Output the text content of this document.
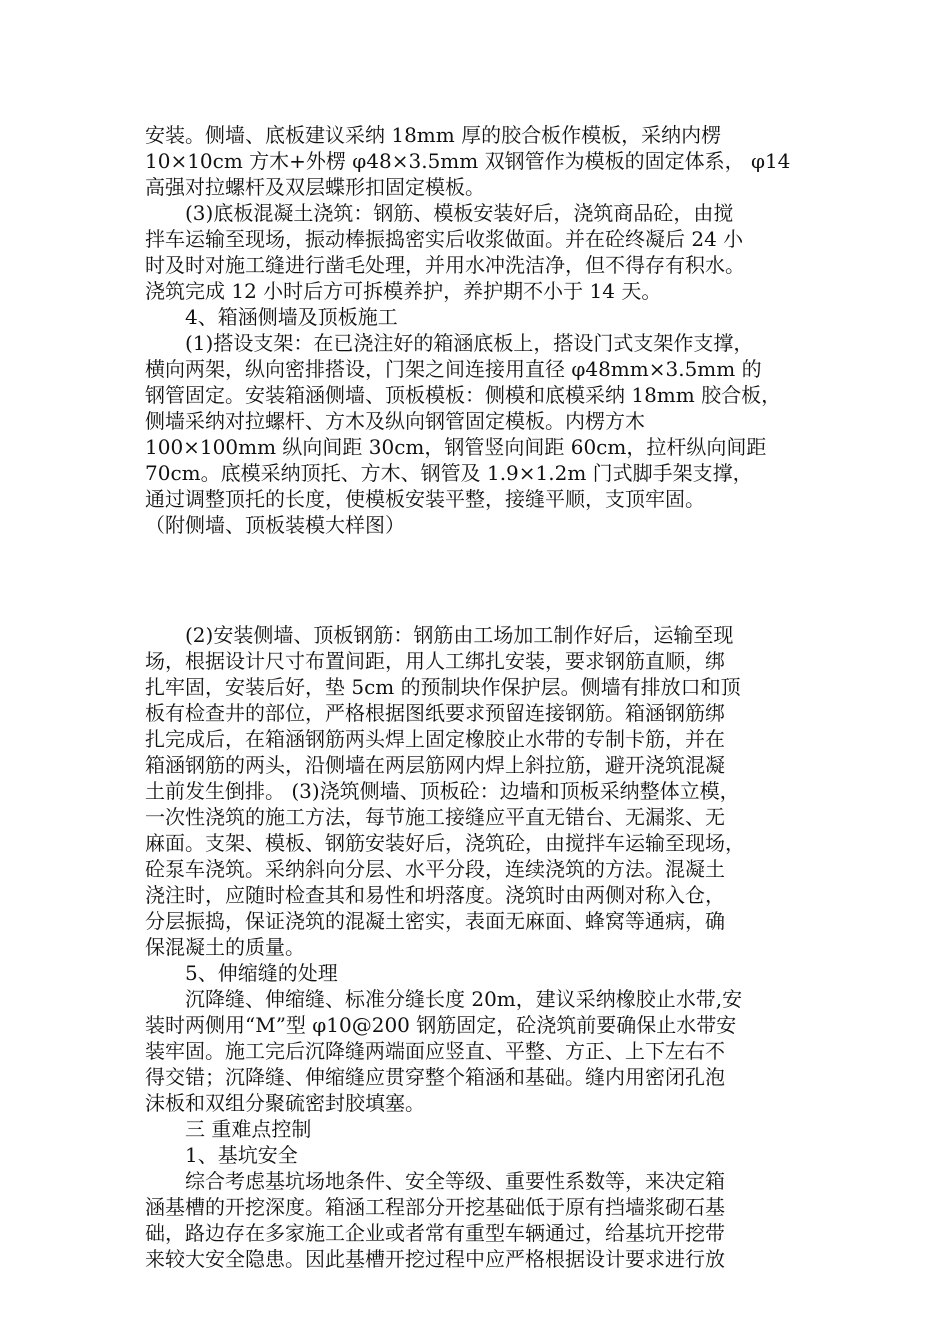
安装。侧墙、底板建议采纳 18mm 厚的胶合板作模板，采纳内楞
10×10cm 方木+外楞 φ48×3.5mm 双钢管作为模板的固定体系， φ14
高强对拉螺杆及双层蝶形扣固定模板。
(3)底板混凝土浇筑：钢筋、模板安装好后，浇筑商品砼，由搅
拌车运输至现场，振动棒振捣密实后收浆做面。并在砼终凝后 24 小
时及时对施工缝进行凿毛处理，并用水冲洗洁净，但不得存有积水。
浇筑完成 12 小时后方可拆模养护，养护期不小于 14 天。
4、箱涵侧墙及顶板施工
(1)搭设支架：在已浇注好的箱涵底板上，搭设门式支架作支撑，
横向两架，纵向密排搭设，门架之间连接用直径 φ48mm×3.5mm 的
钢管固定。安装箱涵侧墙、顶板模板：侧模和底模采纳 18mm 胶合板，
侧墙采纳对拉螺杆、方木及纵向钢管固定模板。内楞方木
100×100mm 纵向间距 30cm，钢管竖向间距 60cm，拉杆纵向间距
70cm。底模采纳顶托、方木、钢管及 1.9×1.2m 门式脚手架支撑，
通过调整顶托的长度，使模板安装平整，接缝平顺，支顶牢固。
（附侧墙、顶板装模大样图）
(2)安装侧墙、顶板钢筋：钢筋由工场加工制作好后，运输至现
场，根据设计尺寸布置间距，用人工绑扎安装，要求钢筋直顺，绑
扎牢固，安装后好，垫 5cm 的预制块作保护层。侧墙有排放口和顶
板有检查井的部位，严格根据图纸要求预留连接钢筋。箱涵钢筋绑
扎完成后，在箱涵钢筋两头焊上固定橡胶止水带的专制卡筋，并在
箱涵钢筋的两头，沿侧墙在两层筋网内焊上斜拉筋，避开浇筑混凝
土前发生倒排。 (3)浇筑侧墙、顶板砼：边墙和顶板采纳整体立模，
一次性浇筑的施工方法，每节施工接缝应平直无错台、无漏浆、无
麻面。支架、模板、钢筋安装好后，浇筑砼，由搅拌车运输至现场，
砼泵车浇筑。采纳斜向分层、水平分段，连续浇筑的方法。混凝土
浇注时，应随时检查其和易性和坍落度。浇筑时由两侧对称入仓，
分层振捣，保证浇筑的混凝土密实，表面无麻面、蜂窝等通病，确
保混凝土的质量。
5、伸缩缝的处理
沉降缝、伸缩缝、标准分缝长度 20m，建议采纳橡胶止水带,安
装时两侧用“M”型 φ10@200 钢筋固定，砼浇筑前要确保止水带安
装牢固。施工完后沉降缝两端面应竖直、平整、方正、上下左右不
得交错；沉降缝、伸缩缝应贯穿整个箱涵和基础。缝内用密闭孔泡
沫板和双组分聚硫密封胶填塞。
三 重难点控制
1、基坑安全
综合考虑基坑场地条件、安全等级、重要性系数等，来决定箱
涵基槽的开挖深度。箱涵工程部分开挖基础低于原有挡墙浆砌石基
础，路边存在多家施工企业或者常有重型车辆通过，给基坑开挖带
来较大安全隐患。因此基槽开挖过程中应严格根据设计要求进行放
